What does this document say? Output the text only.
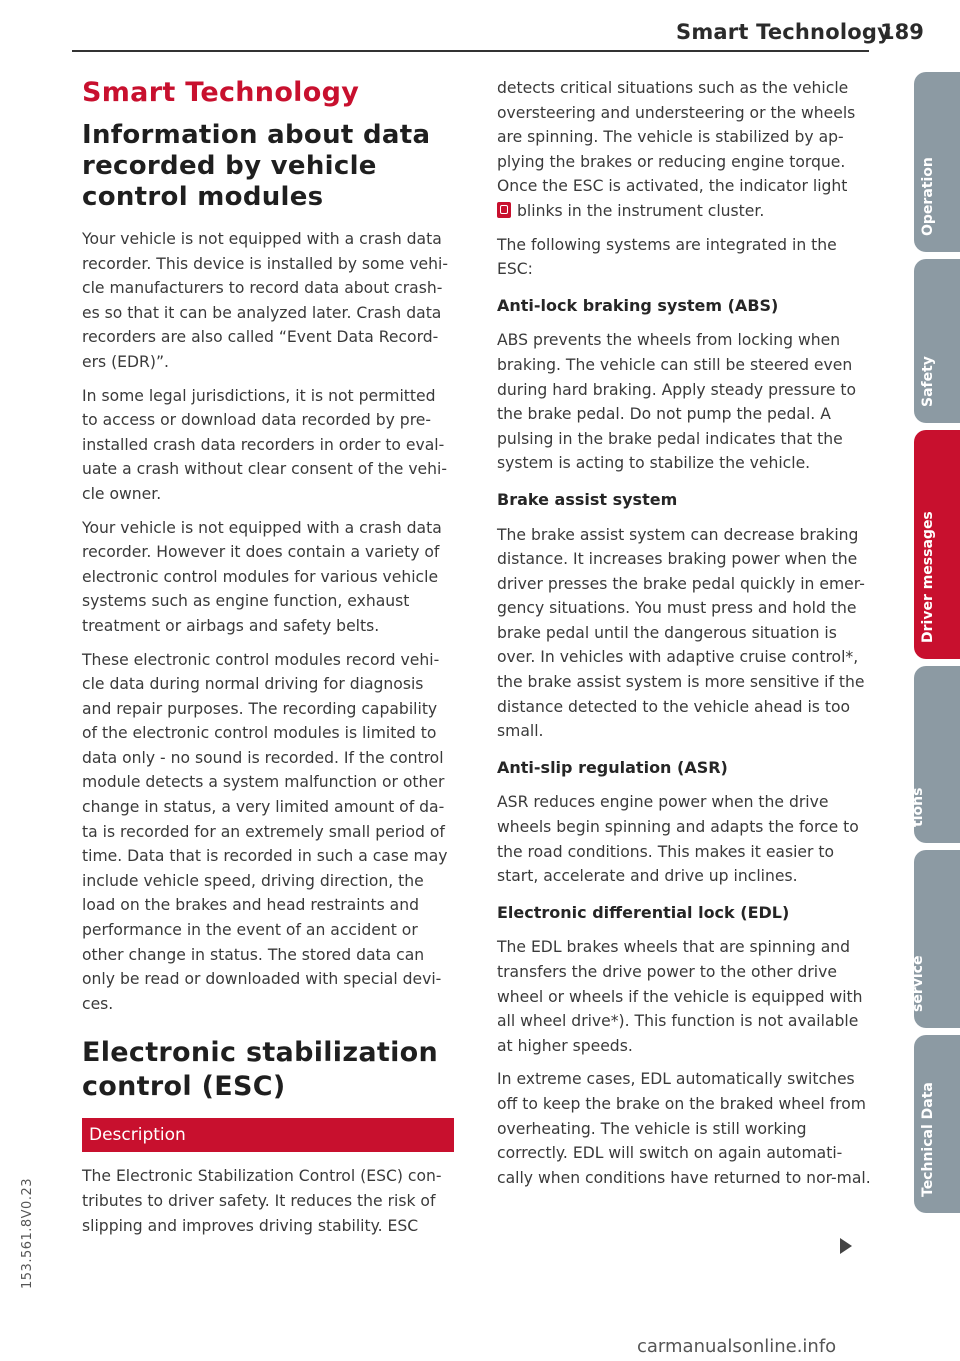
Smart Technology
189
Smart Technology
Information about data recorded by vehicle control modules

Your vehicle is not equipped with a crash data recorder. This device is installed by some vehi-cle manufacturers to record data about crash-es so that it can be analyzed later. Crash data recorders are also called “Event Data Record-ers (EDR)”.

In some legal jurisdictions, it is not permitted to access or download data recorded by pre-installed crash data recorders in order to eval-uate a crash without clear consent of the vehi-cle owner.

Your vehicle is not equipped with a crash data recorder. However it does contain a variety of electronic control modules for various vehicle systems such as engine function, exhaust treatment or airbags and safety belts.

These electronic control modules record vehi-cle data during normal driving for diagnosis and repair purposes. The recording capability of the electronic control modules is limited to data only - no sound is recorded. If the control module detects a system malfunction or other change in status, a very limited amount of da-ta is recorded for an extremely small period of time. Data that is recorded in such a case may include vehicle speed, driving direction, the load on the brakes and head restraints and performance in the event of an accident or other change in status. The stored data can only be read or downloaded with special devi-ces.

Electronic stabilization control (ESC)
Description

The Electronic Stabilization Control (ESC) con-tributes to driver safety. It reduces the risk of slipping and improves driving stability. ESC

detects critical situations such as the vehicle oversteering and understeering or the wheels are spinning. The vehicle is stabilized by ap-plying the brakes or reducing engine torque. Once the ESC is activated, the indicator light
blinks in the instrument cluster.

The following systems are integrated in the ESC:

Anti-lock braking system (ABS)

ABS prevents the wheels from locking when braking. The vehicle can still be steered even during hard braking. Apply steady pressure to the brake pedal. Do not pump the pedal. A pulsing in the brake pedal indicates that the system is acting to stabilize the vehicle.

Brake assist system

The brake assist system can decrease braking distance. It increases braking power when the driver presses the brake pedal quickly in emer-gency situations. You must press and hold the brake pedal until the dangerous situation is over. In vehicles with adaptive cruise control*, the brake assist system is more sensitive if the distance detected to the vehicle ahead is too small.

Anti-slip regulation (ASR)

ASR reduces engine power when the drive wheels begin spinning and adapts the force to the road conditions. This makes it easier to start, accelerate and drive up inclines.

Electronic differential lock (EDL)

The EDL brakes wheels that are spinning and transfers the drive power to the other drive wheel or wheels if the vehicle is equipped with all wheel drive*). This function is not available at higher speeds.

In extreme cases, EDL automatically switches off to keep the brake on the braked wheel from overheating. The vehicle is still working correctly. EDL will switch on again automati-cally when conditions have returned to nor-mal.

153.561.8V0.23
Operation
Safety
Driver messages
Operating instruc-
tions
Do-it-yourself
service
Technical Data
carmanualsonline.info
